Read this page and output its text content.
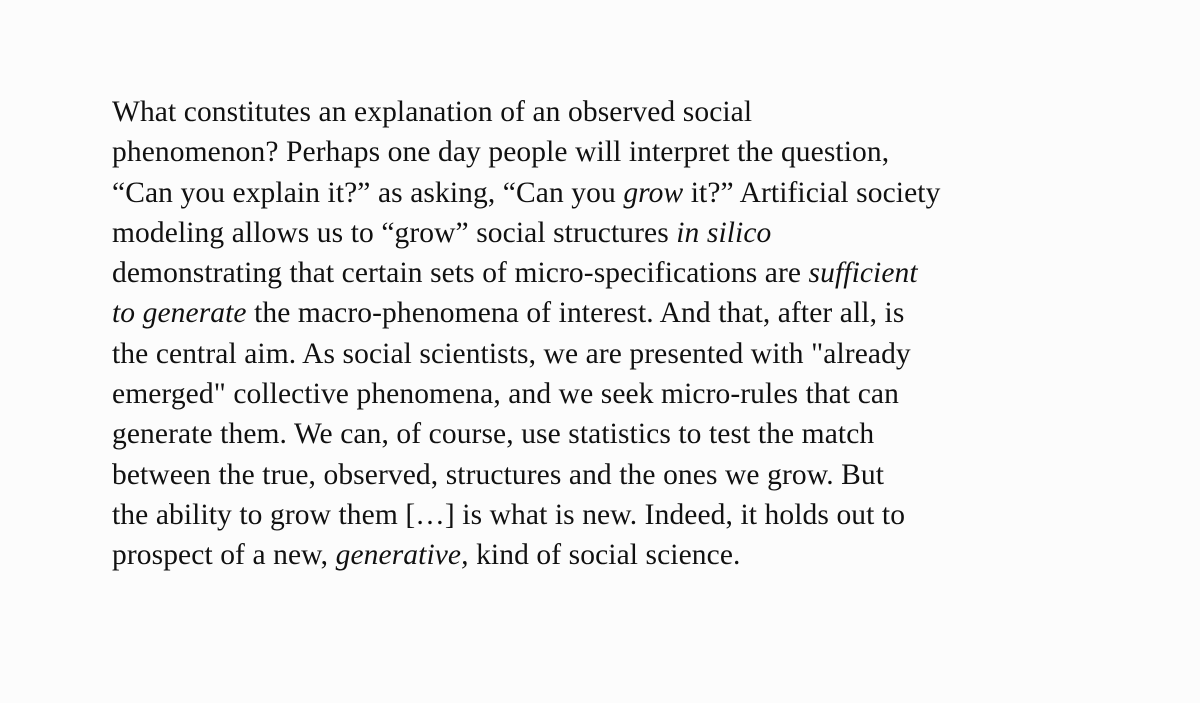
What constitutes an explanation of an observed social
phenomenon? Perhaps one day people will interpret the question,
“Can you explain it?” as asking, “Can you grow it?” Artificial society
modeling allows us to “grow” social structures in silico
demonstrating that certain sets of micro-specifications are sufficient
to generate the macro-phenomena of interest. And that, after all, is
the central aim. As social scientists, we are presented with "already
emerged" collective phenomena, and we seek micro-rules that can
generate them. We can, of course, use statistics to test the match
between the true, observed, structures and the ones we grow. But
the ability to grow them […] is what is new. Indeed, it holds out to
prospect of a new, generative, kind of social science.
